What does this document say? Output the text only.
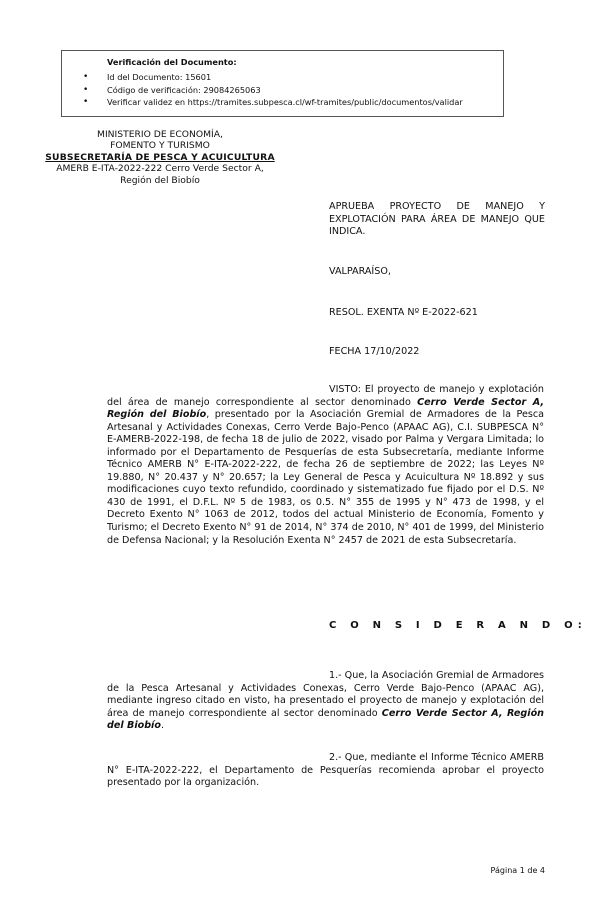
Verificación del Documento:
• Id del Documento: 15601
• Código de verificación: 29084265063
• Verificar validez en https://tramites.subpesca.cl/wf-tramites/public/documentos/validar
MINISTERIO DE ECONOMÍA,
FOMENTO Y TURISMO
SUBSECRETARÍA DE PESCA Y ACUICULTURA
AMERB E-ITA-2022-222 Cerro Verde Sector A,
Región del Biobío
APRUEBA PROYECTO DE MANEJO Y EXPLOTACIÓN PARA ÁREA DE MANEJO QUE INDICA.
VALPARAÍSO,
RESOL. EXENTA Nº E-2022-621
FECHA 17/10/2022
VISTO: El proyecto de manejo y explotación del área de manejo correspondiente al sector denominado Cerro Verde Sector A, Región del Biobío, presentado por la Asociación Gremial de Armadores de la Pesca Artesanal y Actividades Conexas, Cerro Verde Bajo-Penco (APAAC AG), C.I. SUBPESCA N° E-AMERB-2022-198, de fecha 18 de julio de 2022, visado por Palma y Vergara Limitada; lo informado por el Departamento de Pesquerías de esta Subsecretaría, mediante Informe Técnico AMERB N° E-ITA-2022-222, de fecha 26 de septiembre de 2022; las Leyes Nº 19.880, N° 20.437 y N° 20.657; la Ley General de Pesca y Acuicultura Nº 18.892 y sus modificaciones cuyo texto refundido, coordinado y sistematizado fue fijado por el D.S. Nº 430 de 1991, el D.F.L. Nº 5 de 1983, os 0.5. N° 355 de 1995 y N° 473 de 1998, y el Decreto Exento N° 1063 de 2012, todos del actual Ministerio de Economía, Fomento y Turismo; el Decreto Exento N° 91 de 2014, N° 374 de 2010, N° 401 de 1999, del Ministerio de Defensa Nacional; y la Resolución Exenta N° 2457 de 2021 de esta Subsecretaría.
C O N S I D E R A N D O:
1.- Que, la Asociación Gremial de Armadores de la Pesca Artesanal y Actividades Conexas, Cerro Verde Bajo-Penco (APAAC AG), mediante ingreso citado en visto, ha presentado el proyecto de manejo y explotación del área de manejo correspondiente al sector denominado Cerro Verde Sector A, Región del Biobío.
2.- Que, mediante el Informe Técnico AMERB N° E-ITA-2022-222, el Departamento de Pesquerías recomienda aprobar el proyecto presentado por la organización.
Página 1 de 4
